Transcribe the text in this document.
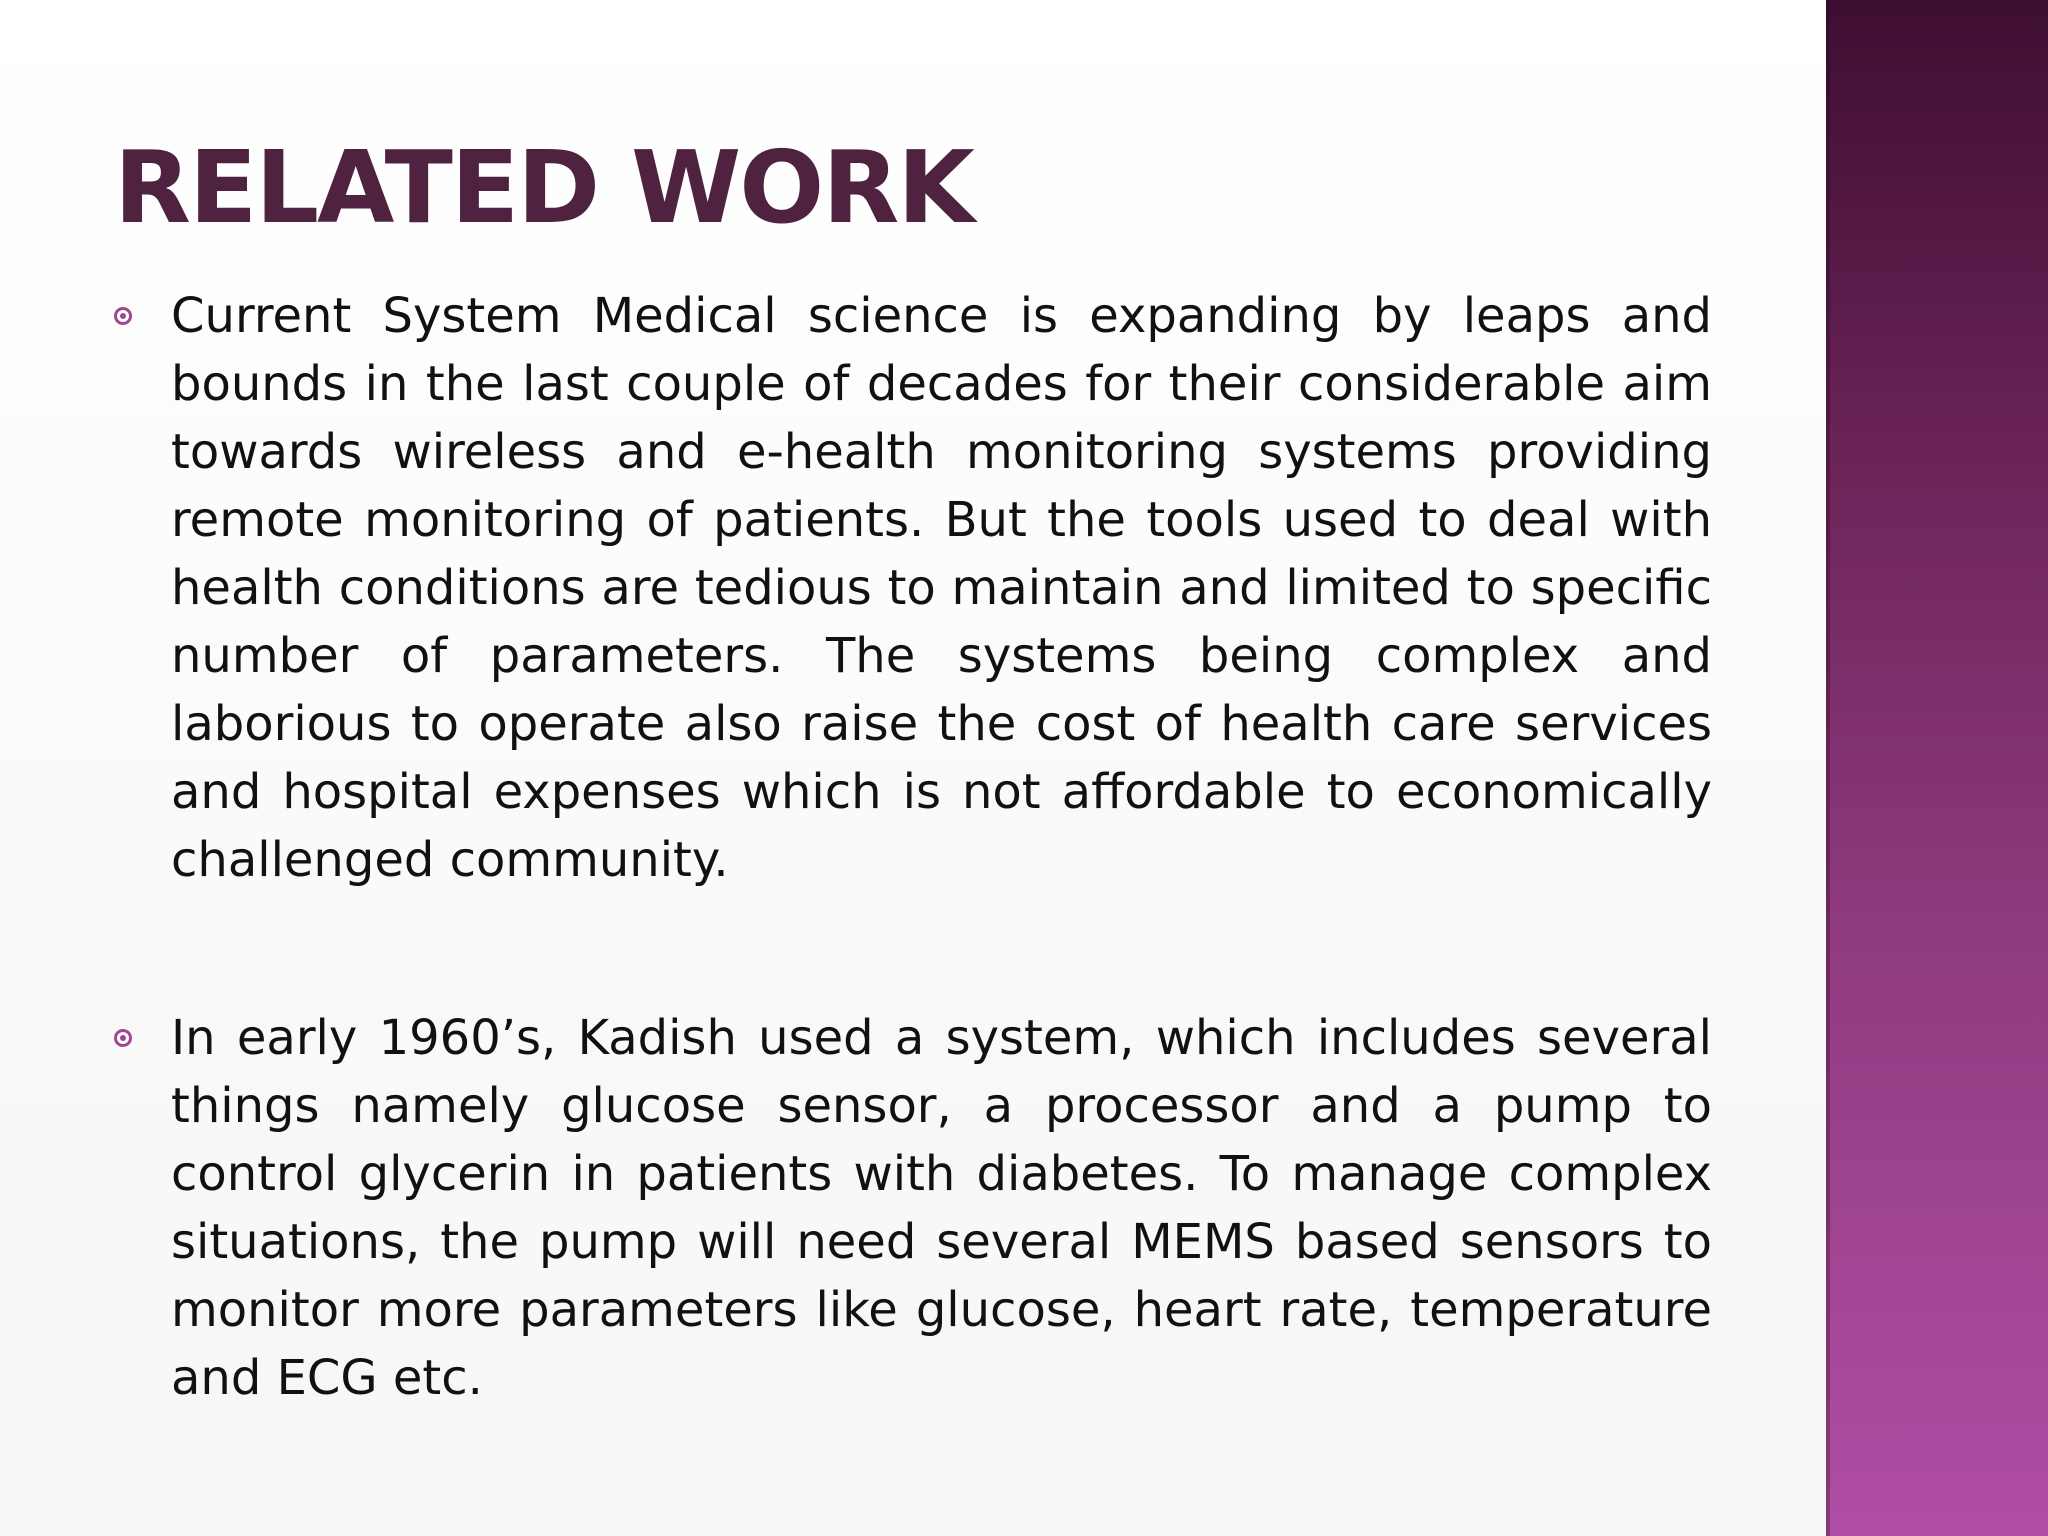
RELATED WORK
Current System Medical science is expanding by leaps and bounds in the last couple of decades for their considerable aim towards wireless and e-health monitoring systems providing remote monitoring of patients. But the tools used to deal with health conditions are tedious to maintain and limited to specific number of parameters. The systems being complex and laborious to operate also raise the cost of health care services and hospital expenses which is not affordable to economically challenged community.
In early 1960’s, Kadish used a system, which includes several things namely glucose sensor, a processor and a pump to control glycerin in patients with diabetes. To manage complex situations, the pump will need several MEMS based sensors to monitor more parameters like glucose, heart rate, temperature and ECG etc.
